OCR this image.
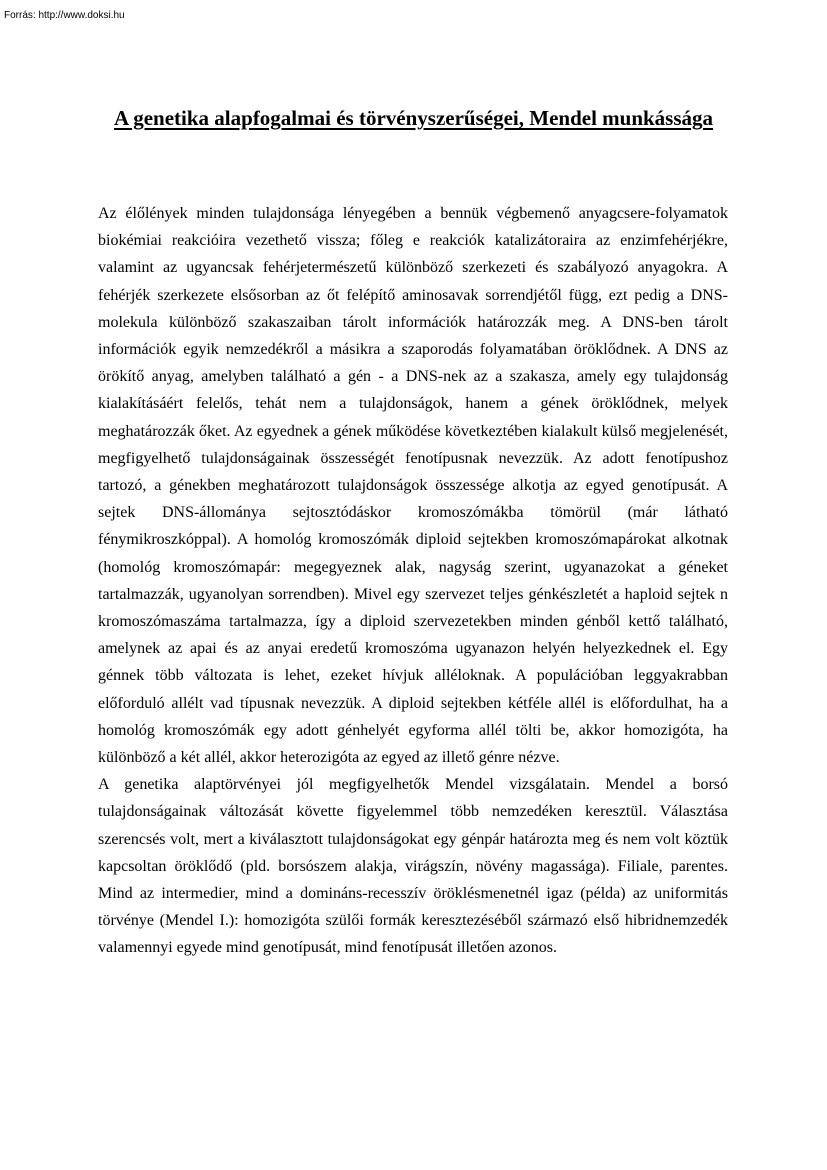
Forrás: http://www.doksi.hu
A genetika alapfogalmai és törvényszerűségei, Mendel munkássága

Az élőlények minden tulajdonsága lényegében a bennük végbemenő anyagcsere-folyamatok biokémiai reakcióira vezethető vissza; főleg e reakciók katalizátoraira az enzimfehérjékre, valamint az ugyancsak fehérjetermészetű különböző szerkezeti és szabályozó anyagokra. A fehérjék szerkezete elsősorban az őt felépítő aminosavak sorrendjétől függ, ezt pedig a DNS-molekula különböző szakaszaiban tárolt információk határozzák meg. A DNS-ben tárolt információk egyik nemzedékről a másikra a szaporodás folyamatában öröklődnek. A DNS az örökítő anyag, amelyben található a gén - a DNS-nek az a szakasza, amely egy tulajdonság kialakításáért felelős, tehát nem a tulajdonságok, hanem a gének öröklődnek, melyek meghatározzák őket. Az egyednek a gének működése következtében kialakult külső megjelenését, megfigyelhető tulajdonságainak összességét fenotípusnak nevezzük. Az adott fenotípushoz tartozó, a génekben meghatározott tulajdonságok összessége alkotja az egyed genotípusát. A sejtek DNS-állománya sejtosztódáskor kromoszómákba tömörül (már látható fénymikroszkóppal). A homológ kromoszómák diploid sejtekben kromoszómapárokat alkotnak (homológ kromoszómapár: megegyeznek alak, nagyság szerint, ugyanazokat a géneket tartalmazzák, ugyanolyan sorrendben). Mivel egy szervezet teljes génkészletét a haploid sejtek n kromoszómaszáma tartalmazza, így a diploid szervezetekben minden génből kettő található, amelynek az apai és az anyai eredetű kromoszóma ugyanazon helyén helyezkednek el. Egy génnek több változata is lehet, ezeket hívjuk alléloknak. A populációban leggyakrabban előforduló allélt vad típusnak nevezzük. A diploid sejtekben kétféle allél is előfordulhat, ha a homológ kromoszómák egy adott génhelyét egyforma allél tölti be, akkor homozigóta, ha különböző a két allél, akkor heterozigóta az egyed az illető génre nézve.

A genetika alaptörvényei jól megfigyelhetők Mendel vizsgálatain. Mendel a borsó tulajdonságainak változását követte figyelemmel több nemzedéken keresztül. Választása szerencsés volt, mert a kiválasztott tulajdonságokat egy génpár határozta meg és nem volt köztük kapcsoltan öröklődő (pld. borsószem alakja, virágszín, növény magassága). Filiale, parentes. Mind az intermedier, mind a domináns-recesszív öröklésmenetnél igaz (példa) az uniformitás törvénye (Mendel I.): homozigóta szülői formák keresztezéséből származó első hibridnemzedék valamennyi egyede mind genotípusát, mind fenotípusát illetően azonos.
